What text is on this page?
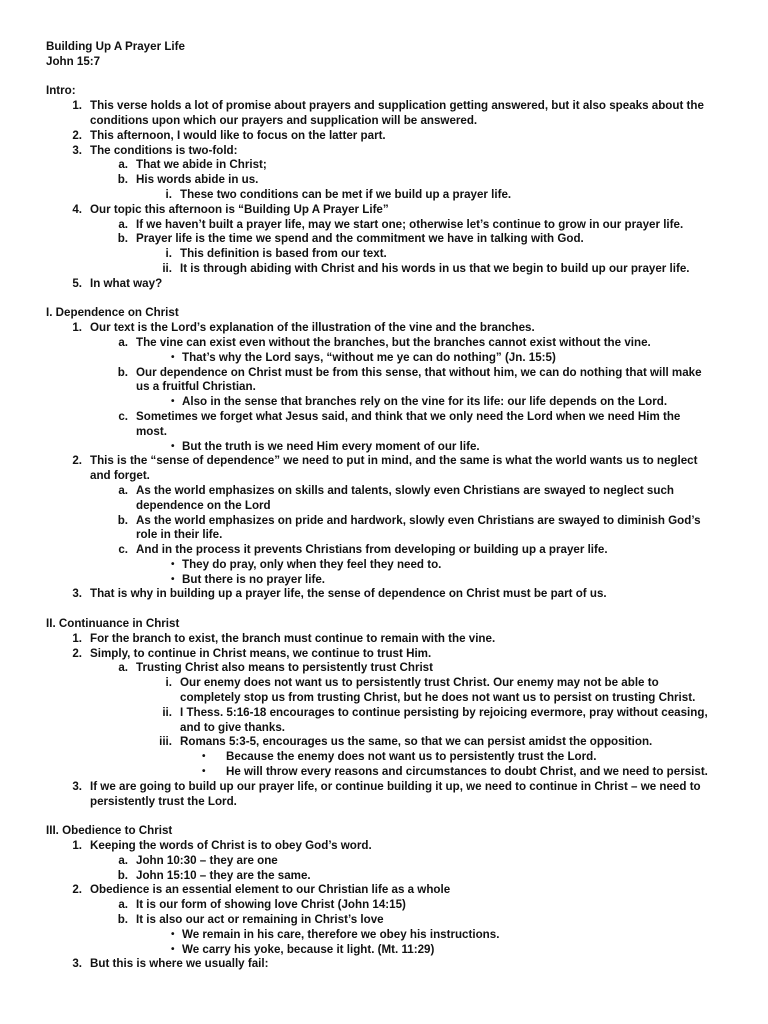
Building Up A Prayer Life
John 15:7
Intro:
1. This verse holds a lot of promise about prayers and supplication getting answered, but it also speaks about the
conditions upon which our prayers and supplication will be answered.
2. This afternoon, I would like to focus on the latter part.
3. The conditions is two-fold:
a. That we abide in Christ;
b. His words abide in us.
i. These two conditions can be met if we build up a prayer life.
4. Our topic this afternoon is “Building Up A Prayer Life”
a. If we haven’t built a prayer life, may we start one; otherwise let’s continue to grow in our prayer life.
b. Prayer life is the time we spend and the commitment we have in talking with God.
i. This definition is based from our text.
ii. It is through abiding with Christ and his words in us that we begin to build up our prayer life.
5. In what way?
I. Dependence on Christ
1. Our text is the Lord’s explanation of the illustration of the vine and the branches.
a. The vine can exist even without the branches, but the branches cannot exist without the vine.
• That’s why the Lord says, “without me ye can do nothing” (Jn. 15:5)
b. Our dependence on Christ must be from this sense, that without him, we can do nothing that will make
us a fruitful Christian.
• Also in the sense that branches rely on the vine for its life: our life depends on the Lord.
c. Sometimes we forget what Jesus said, and think that we only need the Lord when we need Him the
most.
• But the truth is we need Him every moment of our life.
2. This is the “sense of dependence” we need to put in mind, and the same is what the world wants us to neglect
and forget.
a. As the world emphasizes on skills and talents, slowly even Christians are swayed to neglect such
dependence on the Lord
b. As the world emphasizes on pride and hardwork, slowly even Christians are swayed to diminish God’s
role in their life.
c. And in the process it prevents Christians from developing or building up a prayer life.
• They do pray, only when they feel they need to.
• But there is no prayer life.
3. That is why in building up a prayer life, the sense of dependence on Christ must be part of us.
II. Continuance in Christ
1. For the branch to exist, the branch must continue to remain with the vine.
2. Simply, to continue in Christ means, we continue to trust Him.
a. Trusting Christ also means to persistently trust Christ
i. Our enemy does not want us to persistently trust Christ. Our enemy may not be able to
completely stop us from trusting Christ, but he does not want us to persist on trusting Christ.
ii. I Thess. 5:16-18 encourages to continue persisting by rejoicing evermore, pray without ceasing,
and to give thanks.
iii. Romans 5:3-5, encourages us the same, so that we can persist amidst the opposition.
• Because the enemy does not want us to persistently trust the Lord.
• He will throw every reasons and circumstances to doubt Christ, and we need to persist.
3. If we are going to build up our prayer life, or continue building it up, we need to continue in Christ – we need to
persistently trust the Lord.
III. Obedience to Christ
1. Keeping the words of Christ is to obey God’s word.
a. John 10:30 – they are one
b. John 15:10 – they are the same.
2. Obedience is an essential element to our Christian life as a whole
a. It is our form of showing love Christ (John 14:15)
b. It is also our act or remaining in Christ’s love
• We remain in his care, therefore we obey his instructions.
• We carry his yoke, because it light. (Mt. 11:29)
3. But this is where we usually fail:
